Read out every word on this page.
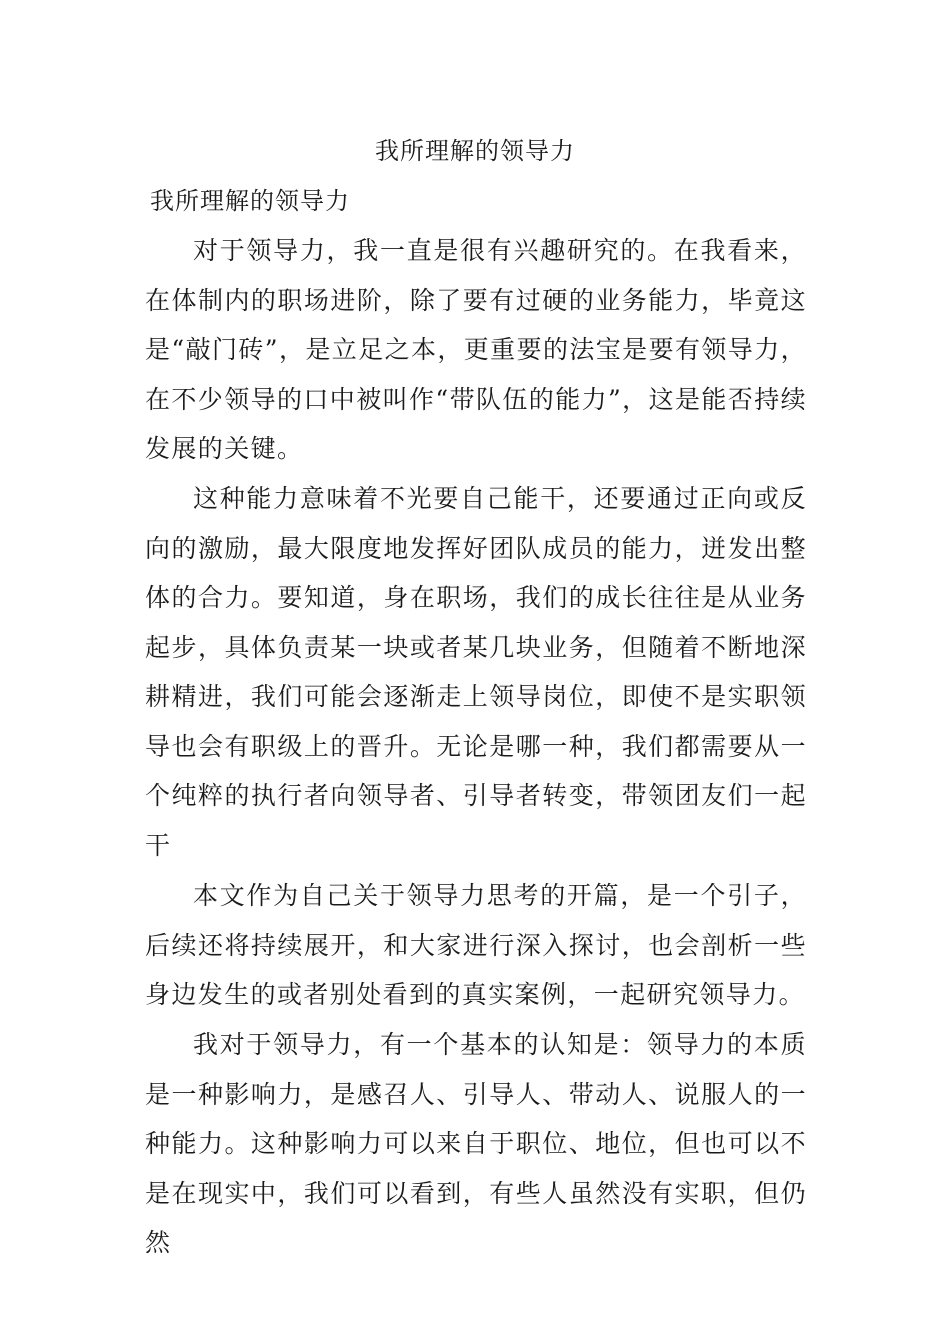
我所理解的领导力
我所理解的领导力

对于领导力，我一直是很有兴趣研究的。在我看来，在体制内的职场进阶，除了要有过硬的业务能力，毕竟这是“敲门砖”，是立足之本，更重要的法宝是要有领导力，在不少领导的口中被叫作“带队伍的能力”，这是能否持续发展的关键。

这种能力意味着不光要自己能干，还要通过正向或反向的激励，最大限度地发挥好团队成员的能力，迸发出整体的合力。要知道，身在职场，我们的成长往往是从业务起步，具体负责某一块或者某几块业务，但随着不断地深耕精进，我们可能会逐渐走上领导岗位，即使不是实职领导也会有职级上的晋升。无论是哪一种，我们都需要从一个纯粹的执行者向领导者、引导者转变，带领团友们一起干

本文作为自己关于领导力思考的开篇，是一个引子，后续还将持续展开，和大家进行深入探讨，也会剖析一些身边发生的或者别处看到的真实案例，一起研究领导力。

我对于领导力，有一个基本的认知是：领导力的本质是一种影响力，是感召人、引导人、带动人、说服人的一种能力。这种影响力可以来自于职位、地位，但也可以不是在现实中，我们可以看到，有些人虽然没有实职，但仍然
